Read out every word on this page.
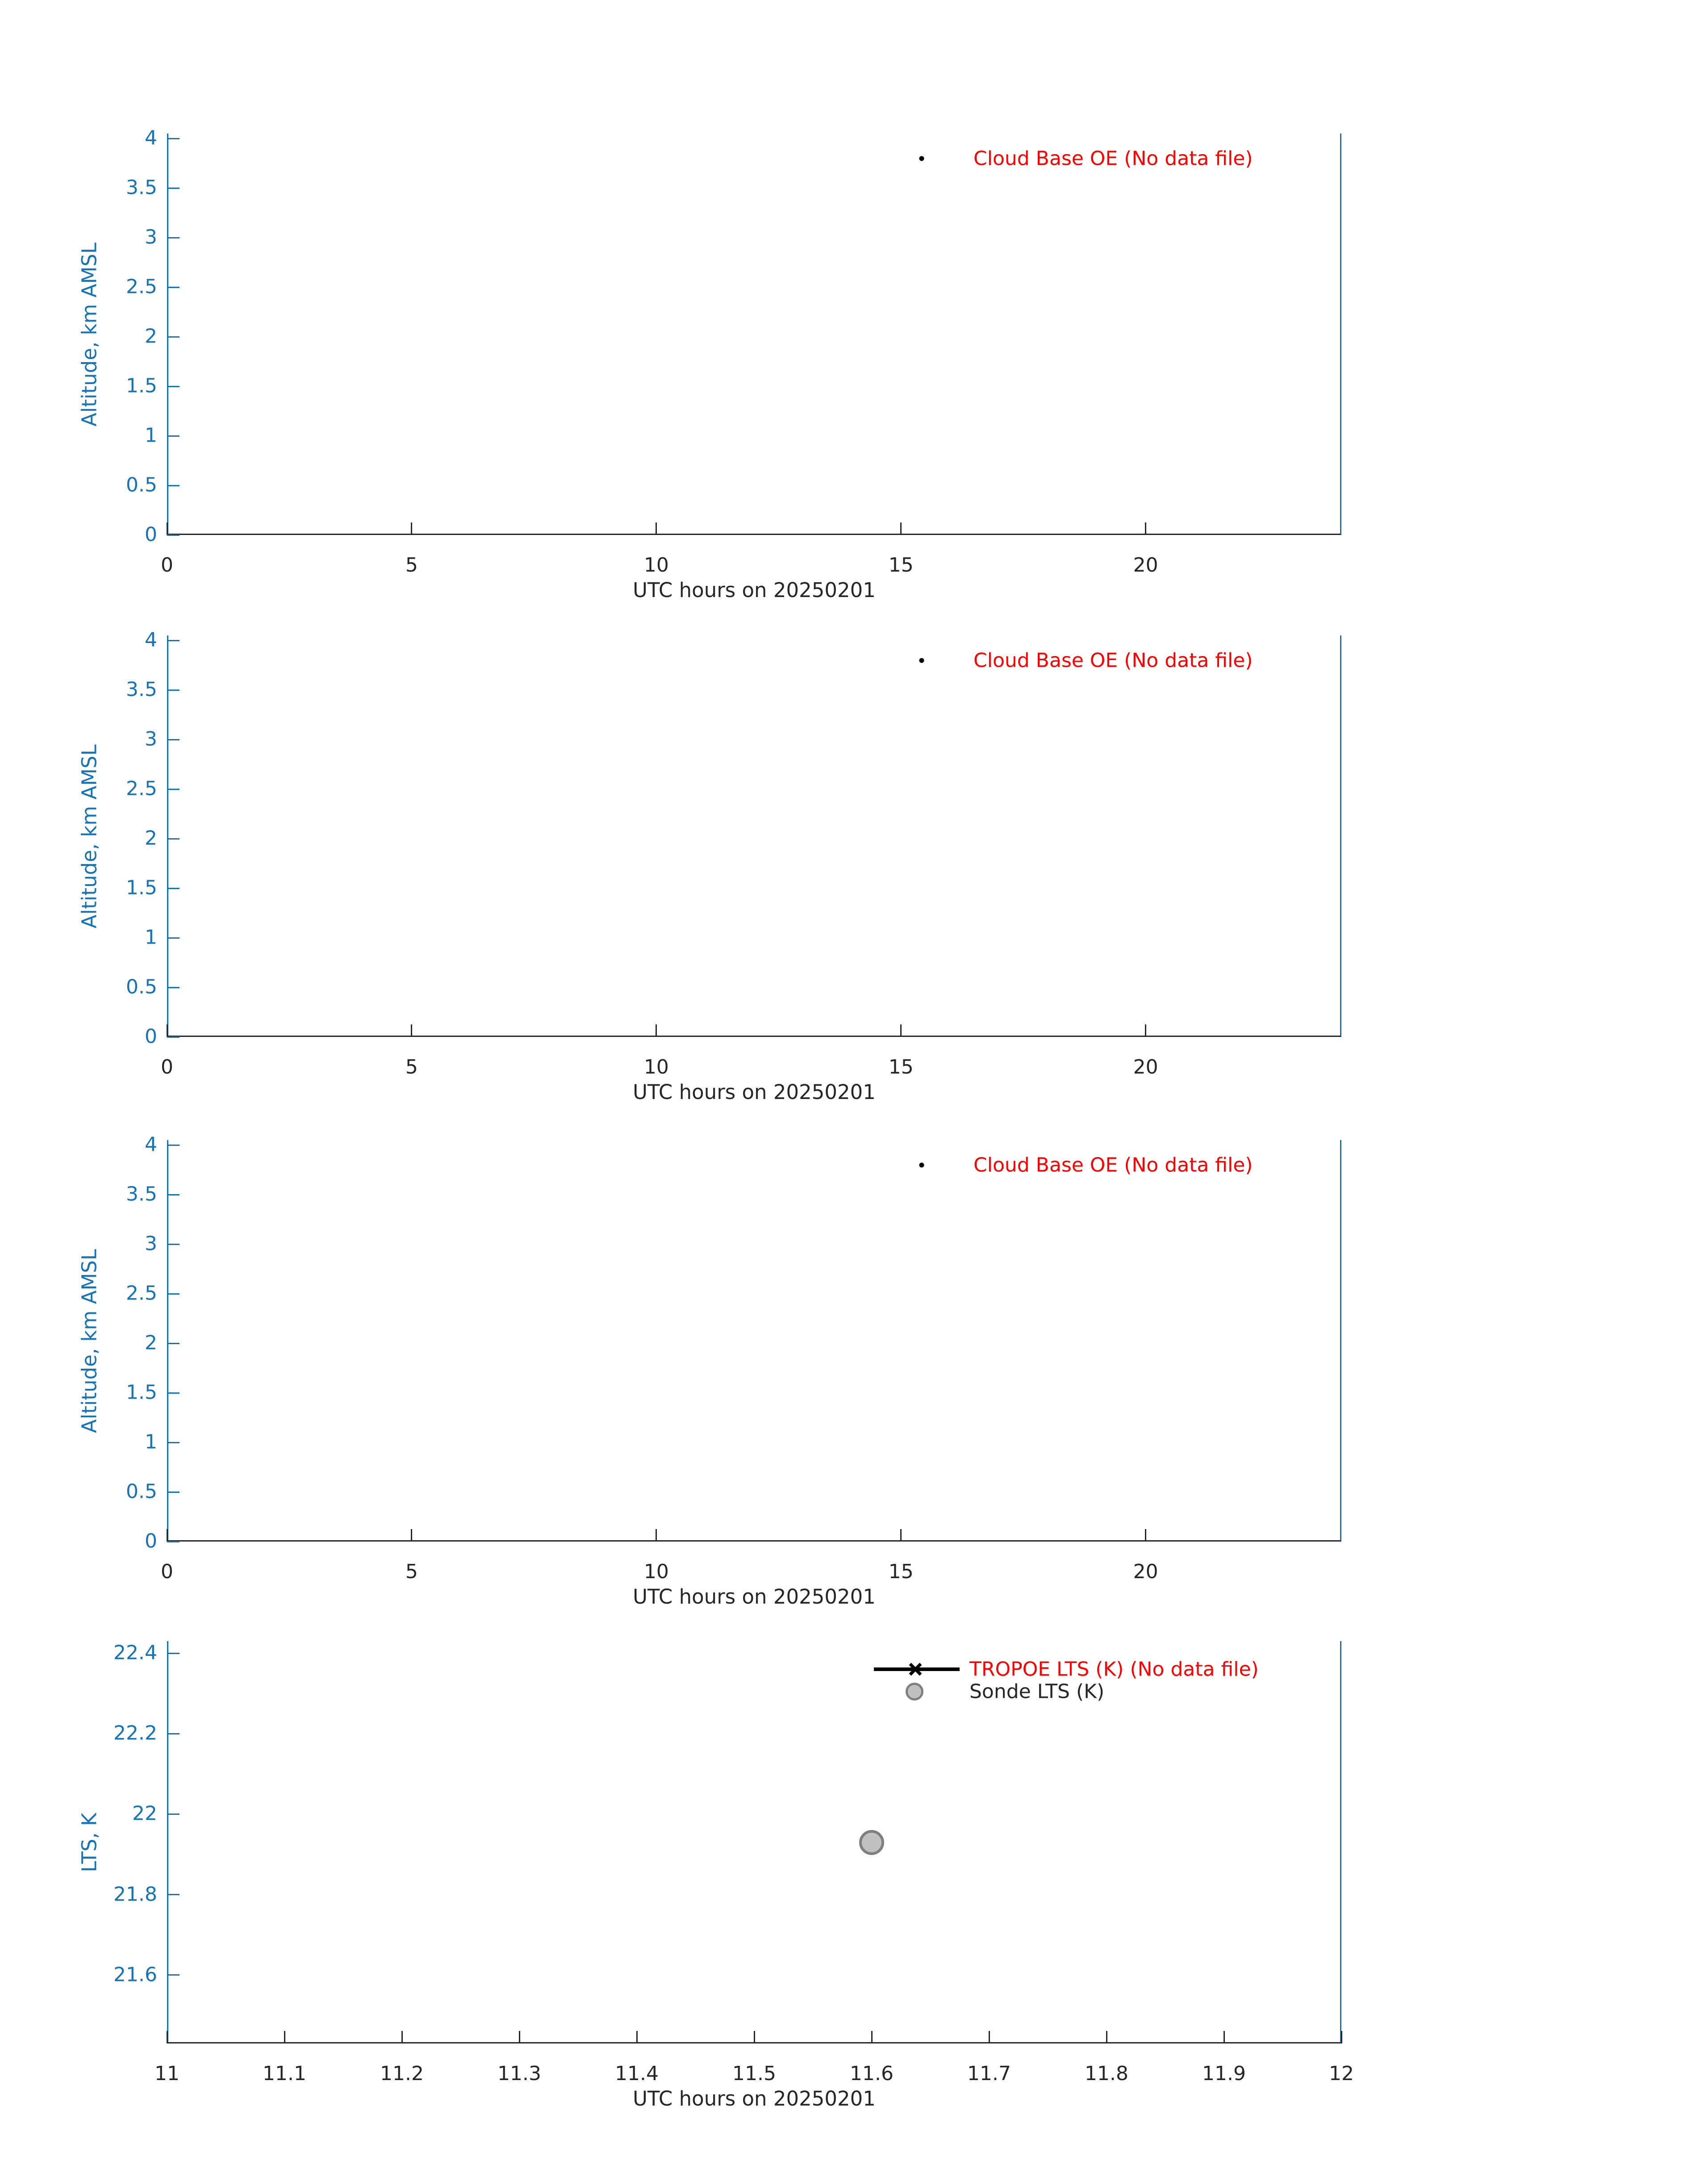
Altitude, km AMSL
UTC hours on 20250201
Cloud Base OE (No data file)
0	5	10	15	20
0
0.5
1
1.5
2
2.5
3
3.5
4
Altitude, km AMSL
UTC hours on 20250201
Cloud Base OE (No data file)
0	5	10	15	20
0
0.5
1
1.5
2
2.5
3
3.5
4
Altitude, km AMSL
UTC hours on 20250201
Cloud Base OE (No data file)
0	5	10	15	20
0
0.5
1
1.5
2
2.5
3
3.5
4
LTS, K
UTC hours on 20250201
TROPOE LTS (K) (No data file)
Sonde LTS (K)
11	11.1	11.2	11.3	11.4	11.5	11.6	11.7	11.8	11.9	12
21.6
21.8
22
22.2
22.4
